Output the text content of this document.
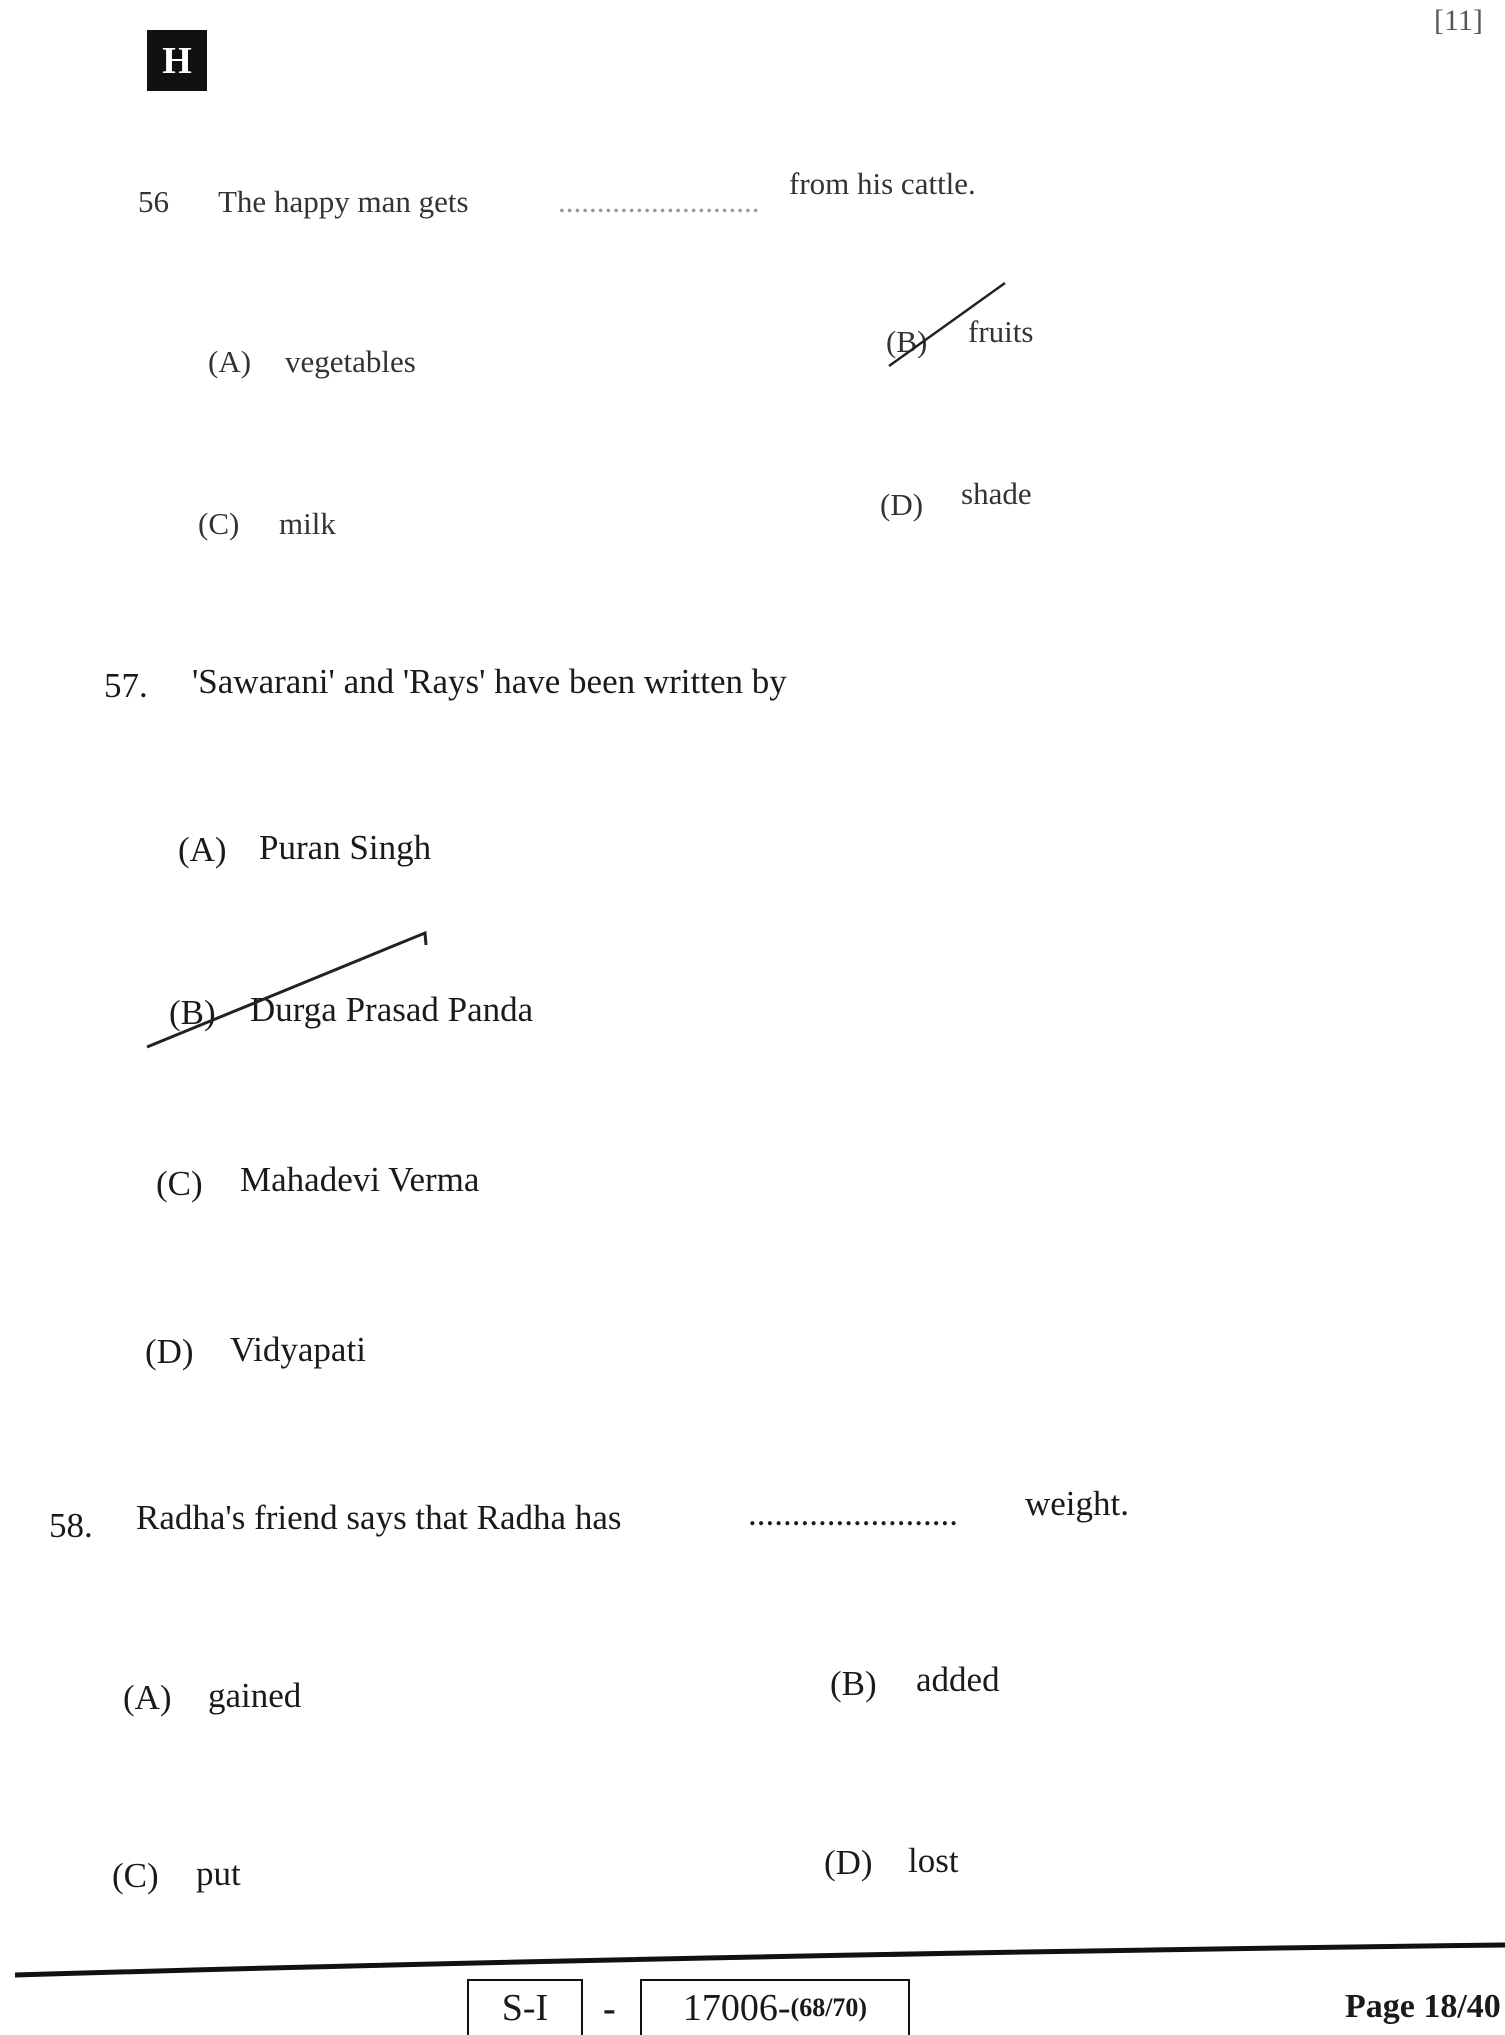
H
[11]
56 The happy man gets	..........................
from his cattle.
(A) vegetables
(B) fruits
(C) milk
(D) shade
57. 'Sawarani' and 'Rays' have been written by
(A) Puran Singh
(B) Durga Prasad Panda
(C) Mahadevi Verma
(D) Vidyapati
58. Radha's friend says that Radha has	........................ weight.
(A) gained	(B) added
(C) put	(D) lost
S-I - 17006- (68/70)	Page 18/40
